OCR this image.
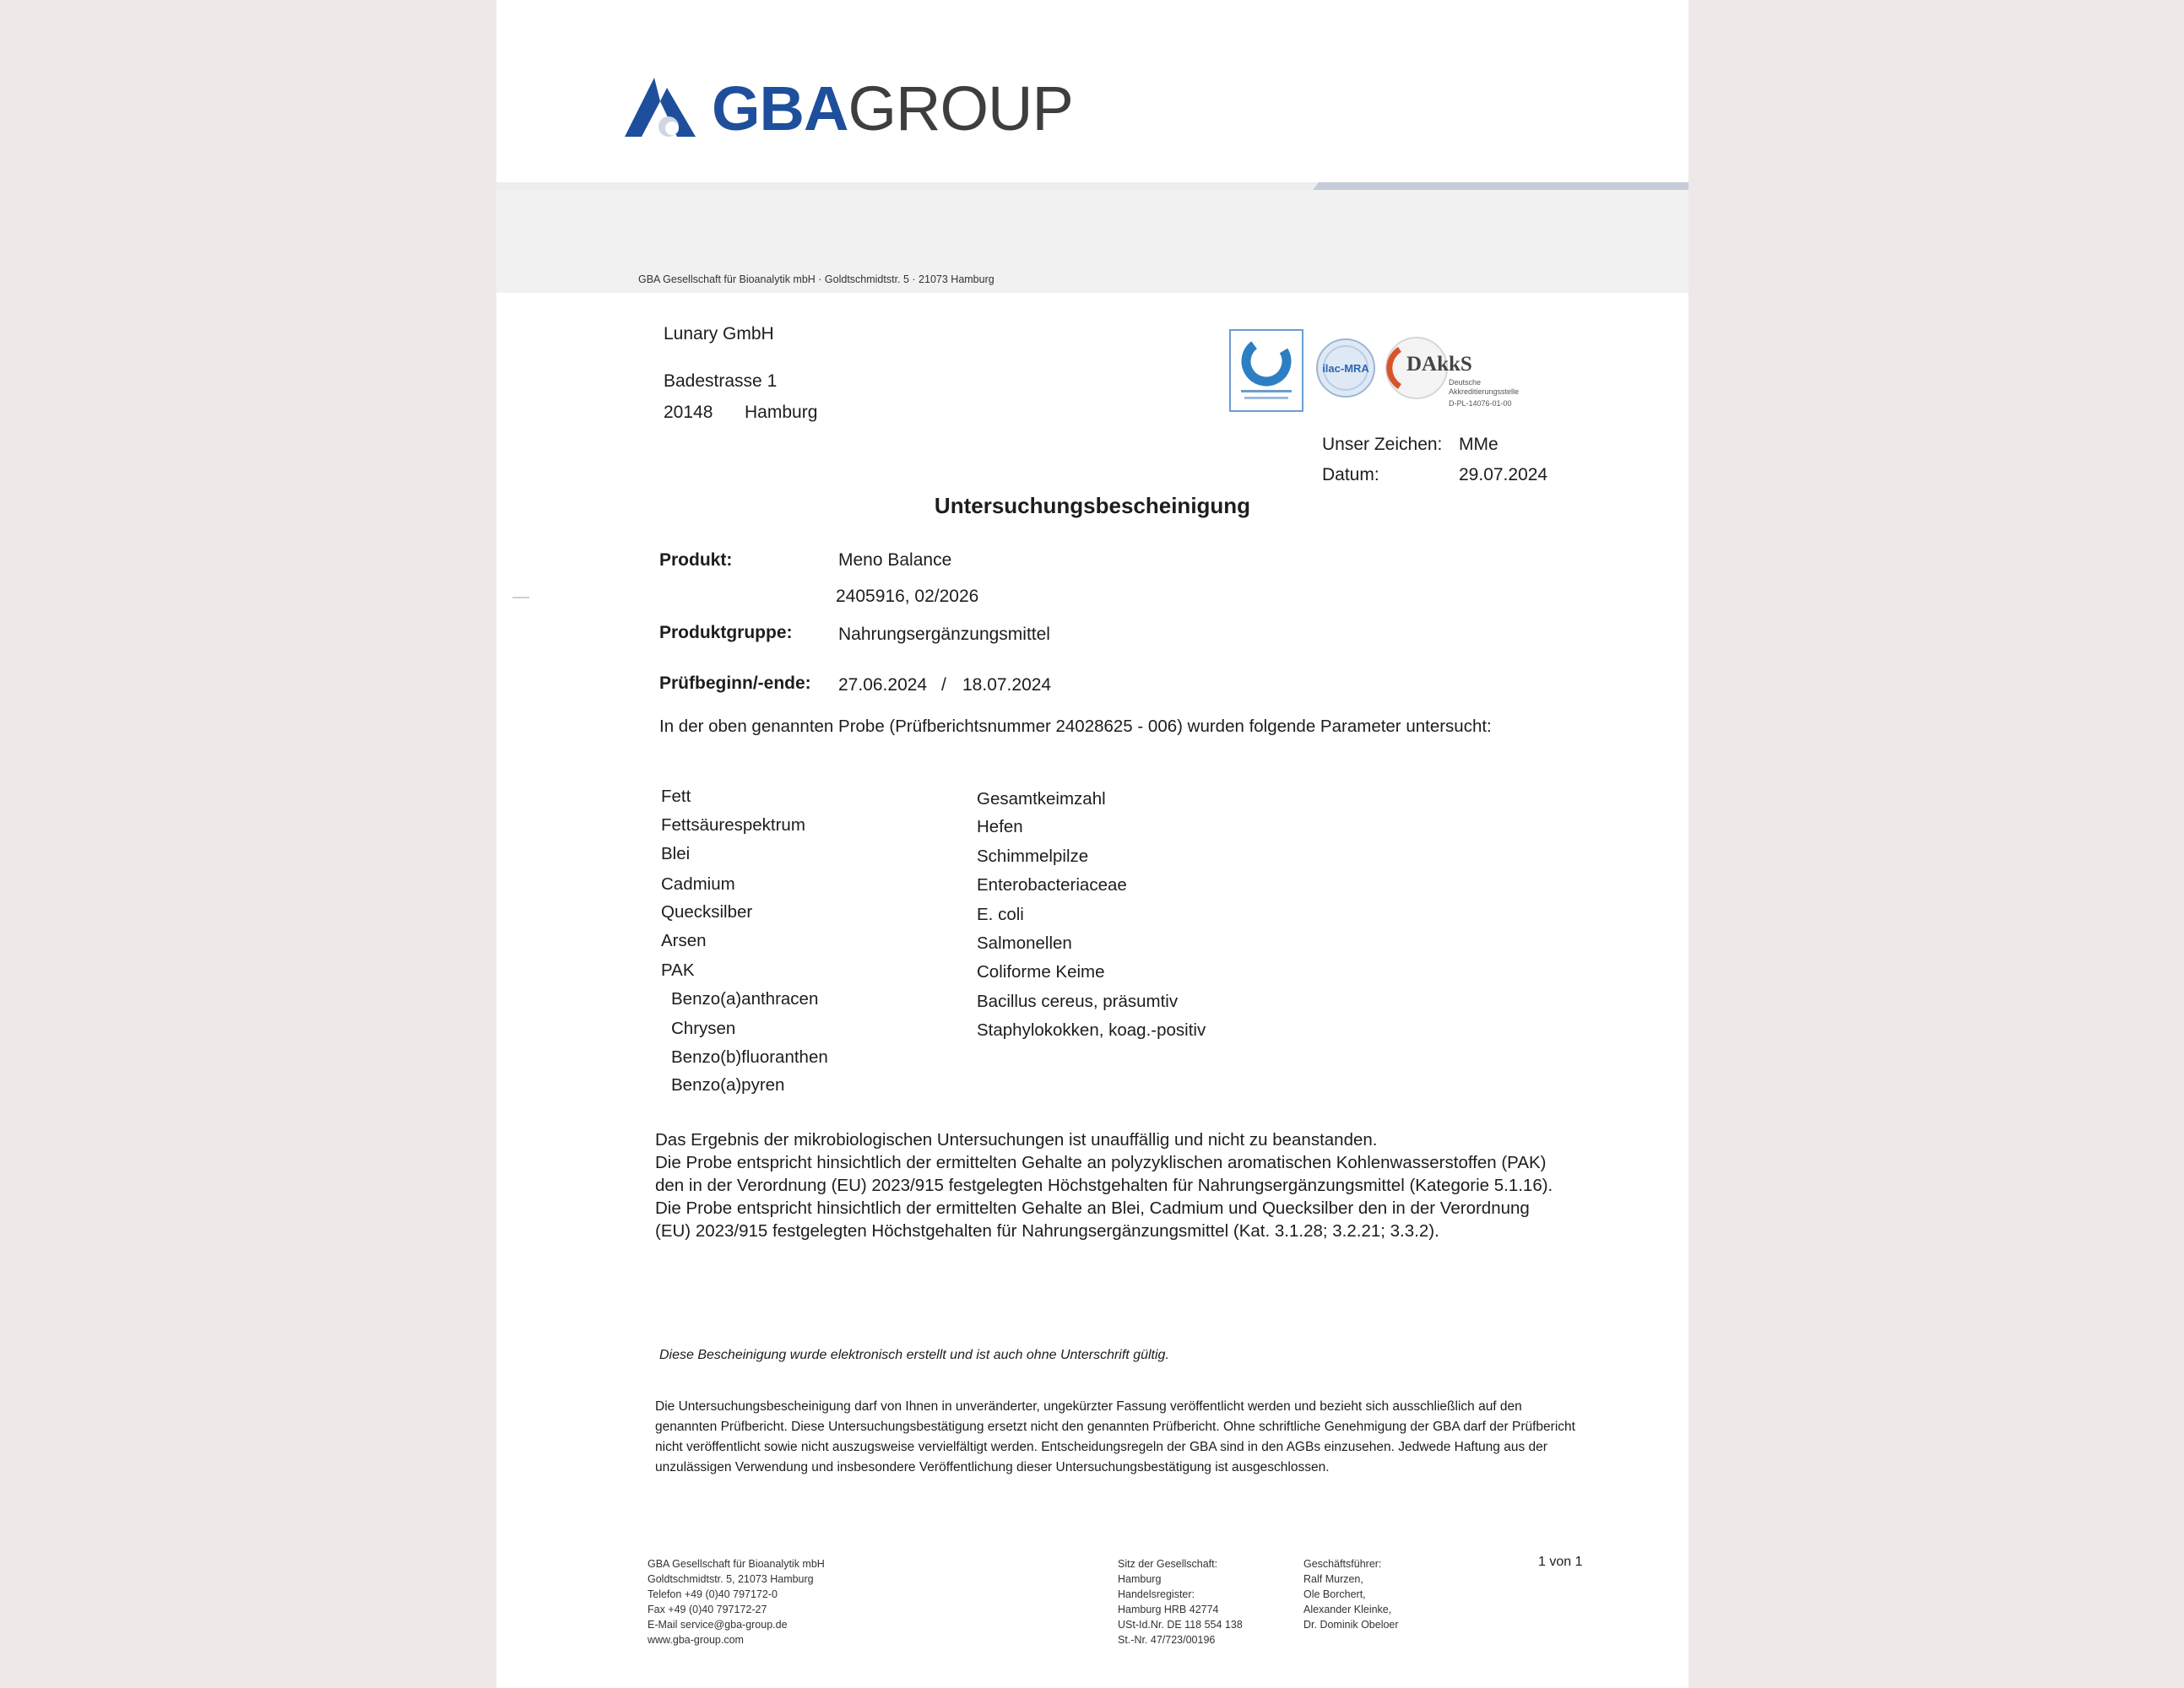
GBAGROUP
GBA Gesellschaft für Bioanalytik mbH · Goldtschmidtstr. 5 · 21073 Hamburg
Lunary GmbH
Badestrasse 1
20148 Hamburg
ilac-MRA DAkkS
Deutsche Akkreditierungsstelle
D-PL-14076-01-00
Unser Zeichen: MMe
Datum:	29.07.2024
Untersuchungsbescheinigung
Produkt:	Meno Balance
2405916, 02/2026
Produktgruppe:	Nahrungsergänzungsmittel
Prüfbeginn/-ende: 27.06.2024 / 18.07.2024
In der oben genannten Probe (Prüfberichtsnummer 24028625 - 006) wurden folgende Parameter untersucht:
Fett
Fettsäurespektrum
Blei
Cadmium
Quecksilber
Arsen
PAK
Benzo(a)anthracen
Chrysen
Benzo(b)fluoranthen
Benzo(a)pyren
Gesamtkeimzahl
Hefen
Schimmelpilze
Enterobacteriaceae
E. coli
Salmonellen
Coliforme Keime
Bacillus cereus, präsumtiv
Staphylokokken, koag.-positiv
Das Ergebnis der mikrobiologischen Untersuchungen ist unauffällig und nicht zu beanstanden.
Die Probe entspricht hinsichtlich der ermittelten Gehalte an polyzyklischen aromatischen Kohlenwasserstoffen (PAK) den in der Verordnung (EU) 2023/915 festgelegten Höchstgehalten für Nahrungsergänzungsmittel (Kategorie 5.1.16).
Die Probe entspricht hinsichtlich der ermittelten Gehalte an Blei, Cadmium und Quecksilber den in der Verordnung (EU) 2023/915 festgelegten Höchstgehalten für Nahrungsergänzungsmittel (Kat. 3.1.28; 3.2.21; 3.3.2).
Diese Bescheinigung wurde elektronisch erstellt und ist auch ohne Unterschrift gültig.
Die Untersuchungsbescheinigung darf von Ihnen in unveränderter, ungekürzter Fassung veröffentlicht werden und bezieht sich ausschließlich auf den genannten Prüfbericht. Diese Untersuchungsbestätigung ersetzt nicht den genannten Prüfbericht. Ohne schriftliche Genehmigung der GBA darf der Prüfbericht nicht veröffentlicht sowie nicht auszugsweise vervielfältigt werden. Entscheidungsregeln der GBA sind in den AGBs einzusehen. Jedwede Haftung aus der unzulässigen Verwendung und insbesondere Veröffentlichung dieser Untersuchungsbestätigung ist ausgeschlossen.
GBA Gesellschaft für Bioanalytik mbH
Goldtschmidtstr. 5, 21073 Hamburg
Telefon +49 (0)40 797172-0
Fax +49 (0)40 797172-27
E-Mail service@gba-group.de
www.gba-group.com
Sitz der Gesellschaft:
Hamburg
Handelsregister:
Hamburg HRB 42774
USt-Id.Nr. DE 118 554 138
St.-Nr. 47/723/00196
Geschäftsführer:
Ralf Murzen,
Ole Borchert,
Alexander Kleinke,
Dr. Dominik Obeloer
1 von 1
